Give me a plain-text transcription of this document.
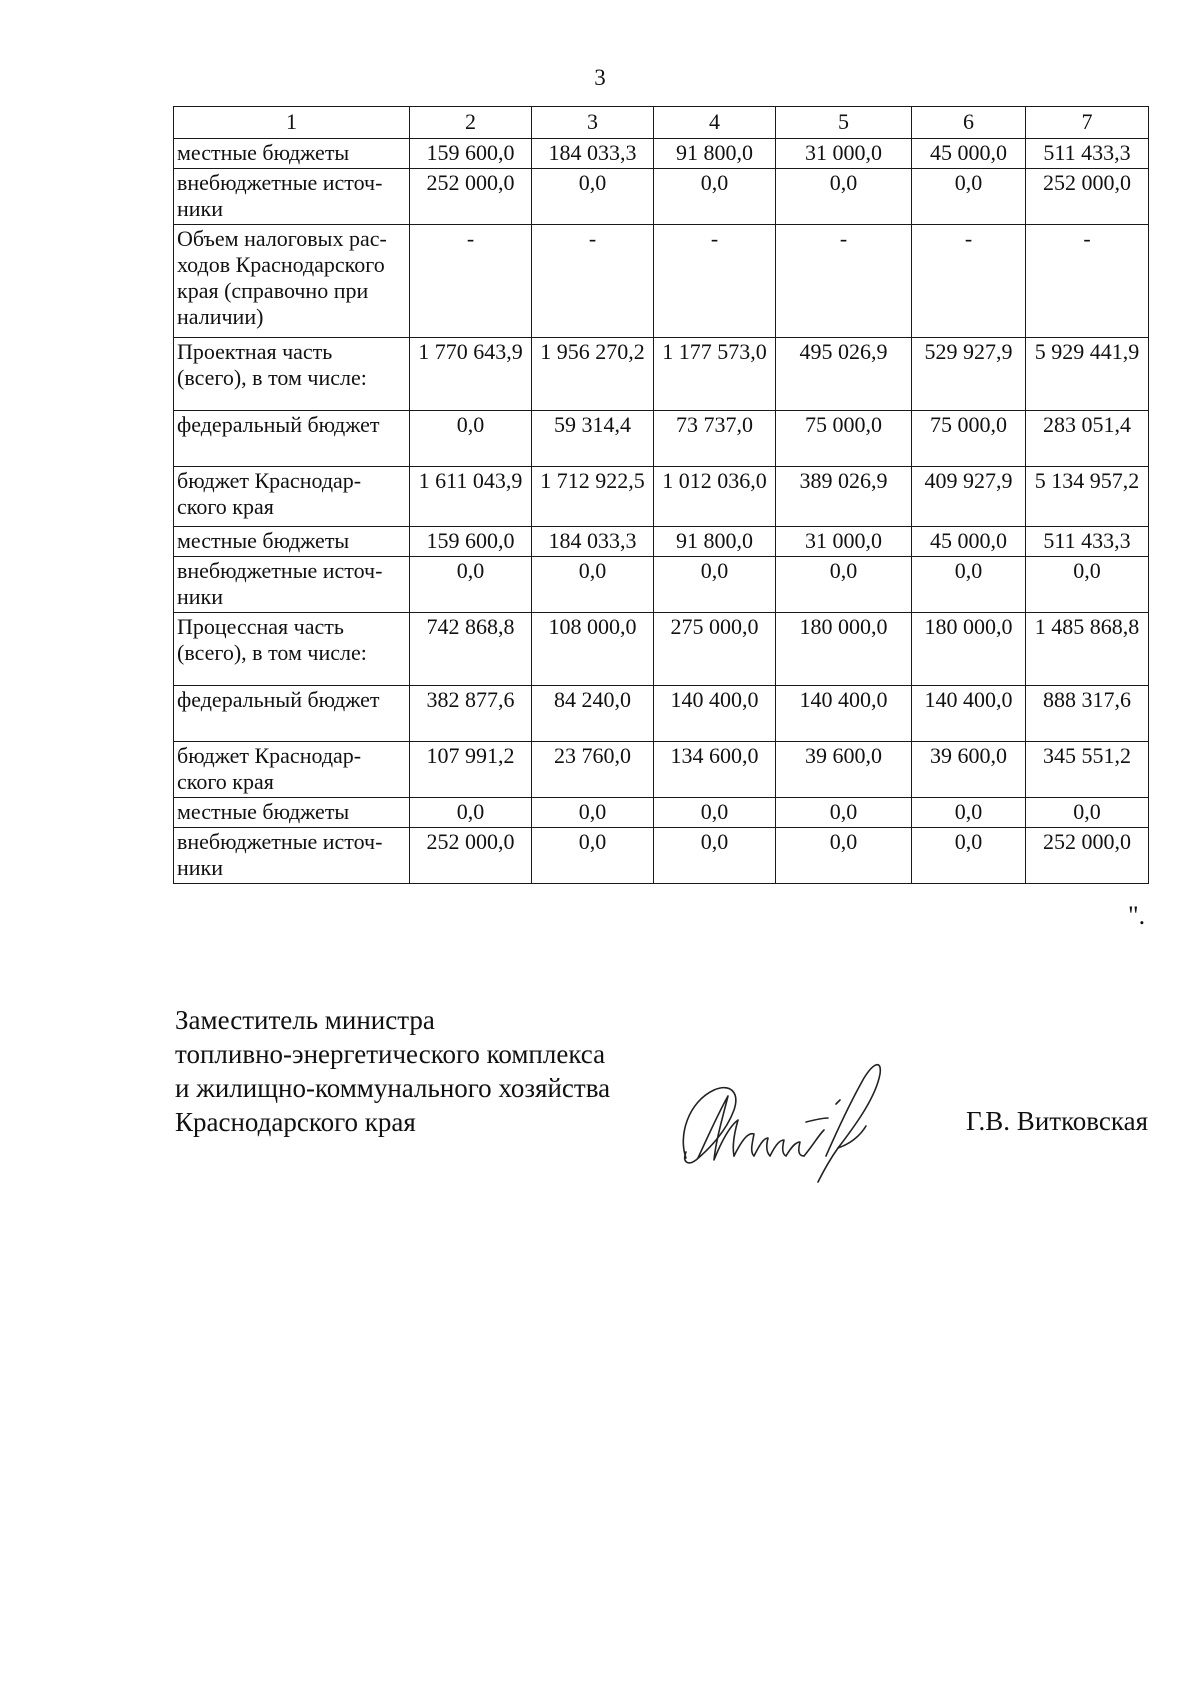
3
1	2	3	4	5	6	7
местные бюджеты	159 600,0	184 033,3	91 800,0	31 000,0	45 000,0	511 433,3
внебюджетные источ-ники	252 000,0	0,0	0,0	0,0	0,0	252 000,0
Объем налоговых рас-ходов Краснодарского края (справочно при наличии)	-	-	-	-	-	-
Проектная часть (всего), в том числе:	1 770 643,9	1 956 270,2	1 177 573,0	495 026,9	529 927,9	5 929 441,9
федеральный бюджет	0,0	59 314,4	73 737,0	75 000,0	75 000,0	283 051,4
бюджет Краснодар-ского края	1 611 043,9	1 712 922,5	1 012 036,0	389 026,9	409 927,9	5 134 957,2
местные бюджеты	159 600,0	184 033,3	91 800,0	31 000,0	45 000,0	511 433,3
внебюджетные источ-ники	0,0	0,0	0,0	0,0	0,0	0,0
Процессная часть (всего), в том числе:	742 868,8	108 000,0	275 000,0	180 000,0	180 000,0	1 485 868,8
федеральный бюджет	382 877,6	84 240,0	140 400,0	140 400,0	140 400,0	888 317,6
бюджет Краснодар-ского края	107 991,2	23 760,0	134 600,0	39 600,0	39 600,0	345 551,2
местные бюджеты	0,0	0,0	0,0	0,0	0,0	0,0
внебюджетные источ-ники	252 000,0	0,0	0,0	0,0	0,0	252 000,0
".
Заместитель министра
топливно-энергетического комплекса
и жилищно-коммунального хозяйства
Краснодарского края	Г.В. Витковская
